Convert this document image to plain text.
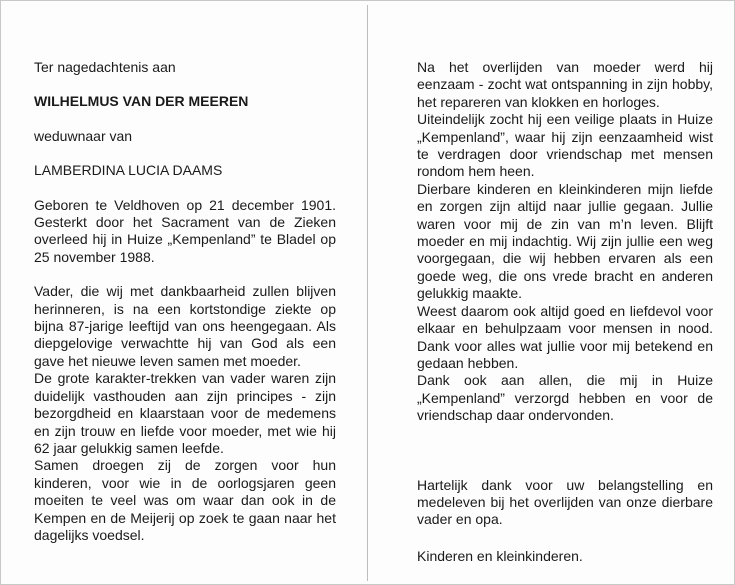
Ter nagedachtenis aan

WILHELMUS VAN DER MEEREN

weduwnaar van

LAMBERDINA LUCIA DAAMS

Geboren te Veldhoven op 21 december 1901. Gesterkt door het Sacrament van de Zieken overleed hij in Huize „Kempenland” te Bladel op 25 november 1988.

Vader, die wij met dankbaarheid zullen blijven herinneren, is na een kortstondige ziekte op bijna 87-jarige leeftijd van ons heengegaan. Als diepgelovige verwachtte hij van God als een gave het nieuwe leven samen met moeder.

De grote karakter-trekken van vader waren zijn duidelijk vasthouden aan zijn principes - zijn bezorgdheid en klaarstaan voor de medemens en zijn trouw en liefde voor moeder, met wie hij 62 jaar gelukkig samen leefde.

Samen droegen zij de zorgen voor hun kinderen, voor wie in de oorlogsjaren geen moeiten te veel was om waar dan ook in de Kempen en de Meijerij op zoek te gaan naar het dagelijks voedsel.

Na het overlijden van moeder werd hij eenzaam - zocht wat ontspanning in zijn hobby, het repareren van klokken en horloges.

Uiteindelijk zocht hij een veilige plaats in Huize „Kempenland”, waar hij zijn eenzaamheid wist te verdragen door vriendschap met mensen rondom hem heen.

Dierbare kinderen en kleinkinderen mijn liefde en zorgen zijn altijd naar jullie gegaan. Jullie waren voor mij de zin van m’n leven. Blijft moeder en mij indachtig. Wij zijn jullie een weg voorgegaan, die wij hebben ervaren als een goede weg, die ons vrede bracht en anderen gelukkig maakte.

Weest daarom ook altijd goed en liefdevol voor elkaar en behulpzaam voor mensen in nood. Dank voor alles wat jullie voor mij betekend en gedaan hebben.

Dank ook aan allen, die mij in Huize „Kempenland” verzorgd hebben en voor de vriendschap daar ondervonden.

Hartelijk dank voor uw belangstelling en medeleven bij het overlijden van onze dierbare vader en opa.

Kinderen en kleinkinderen.
